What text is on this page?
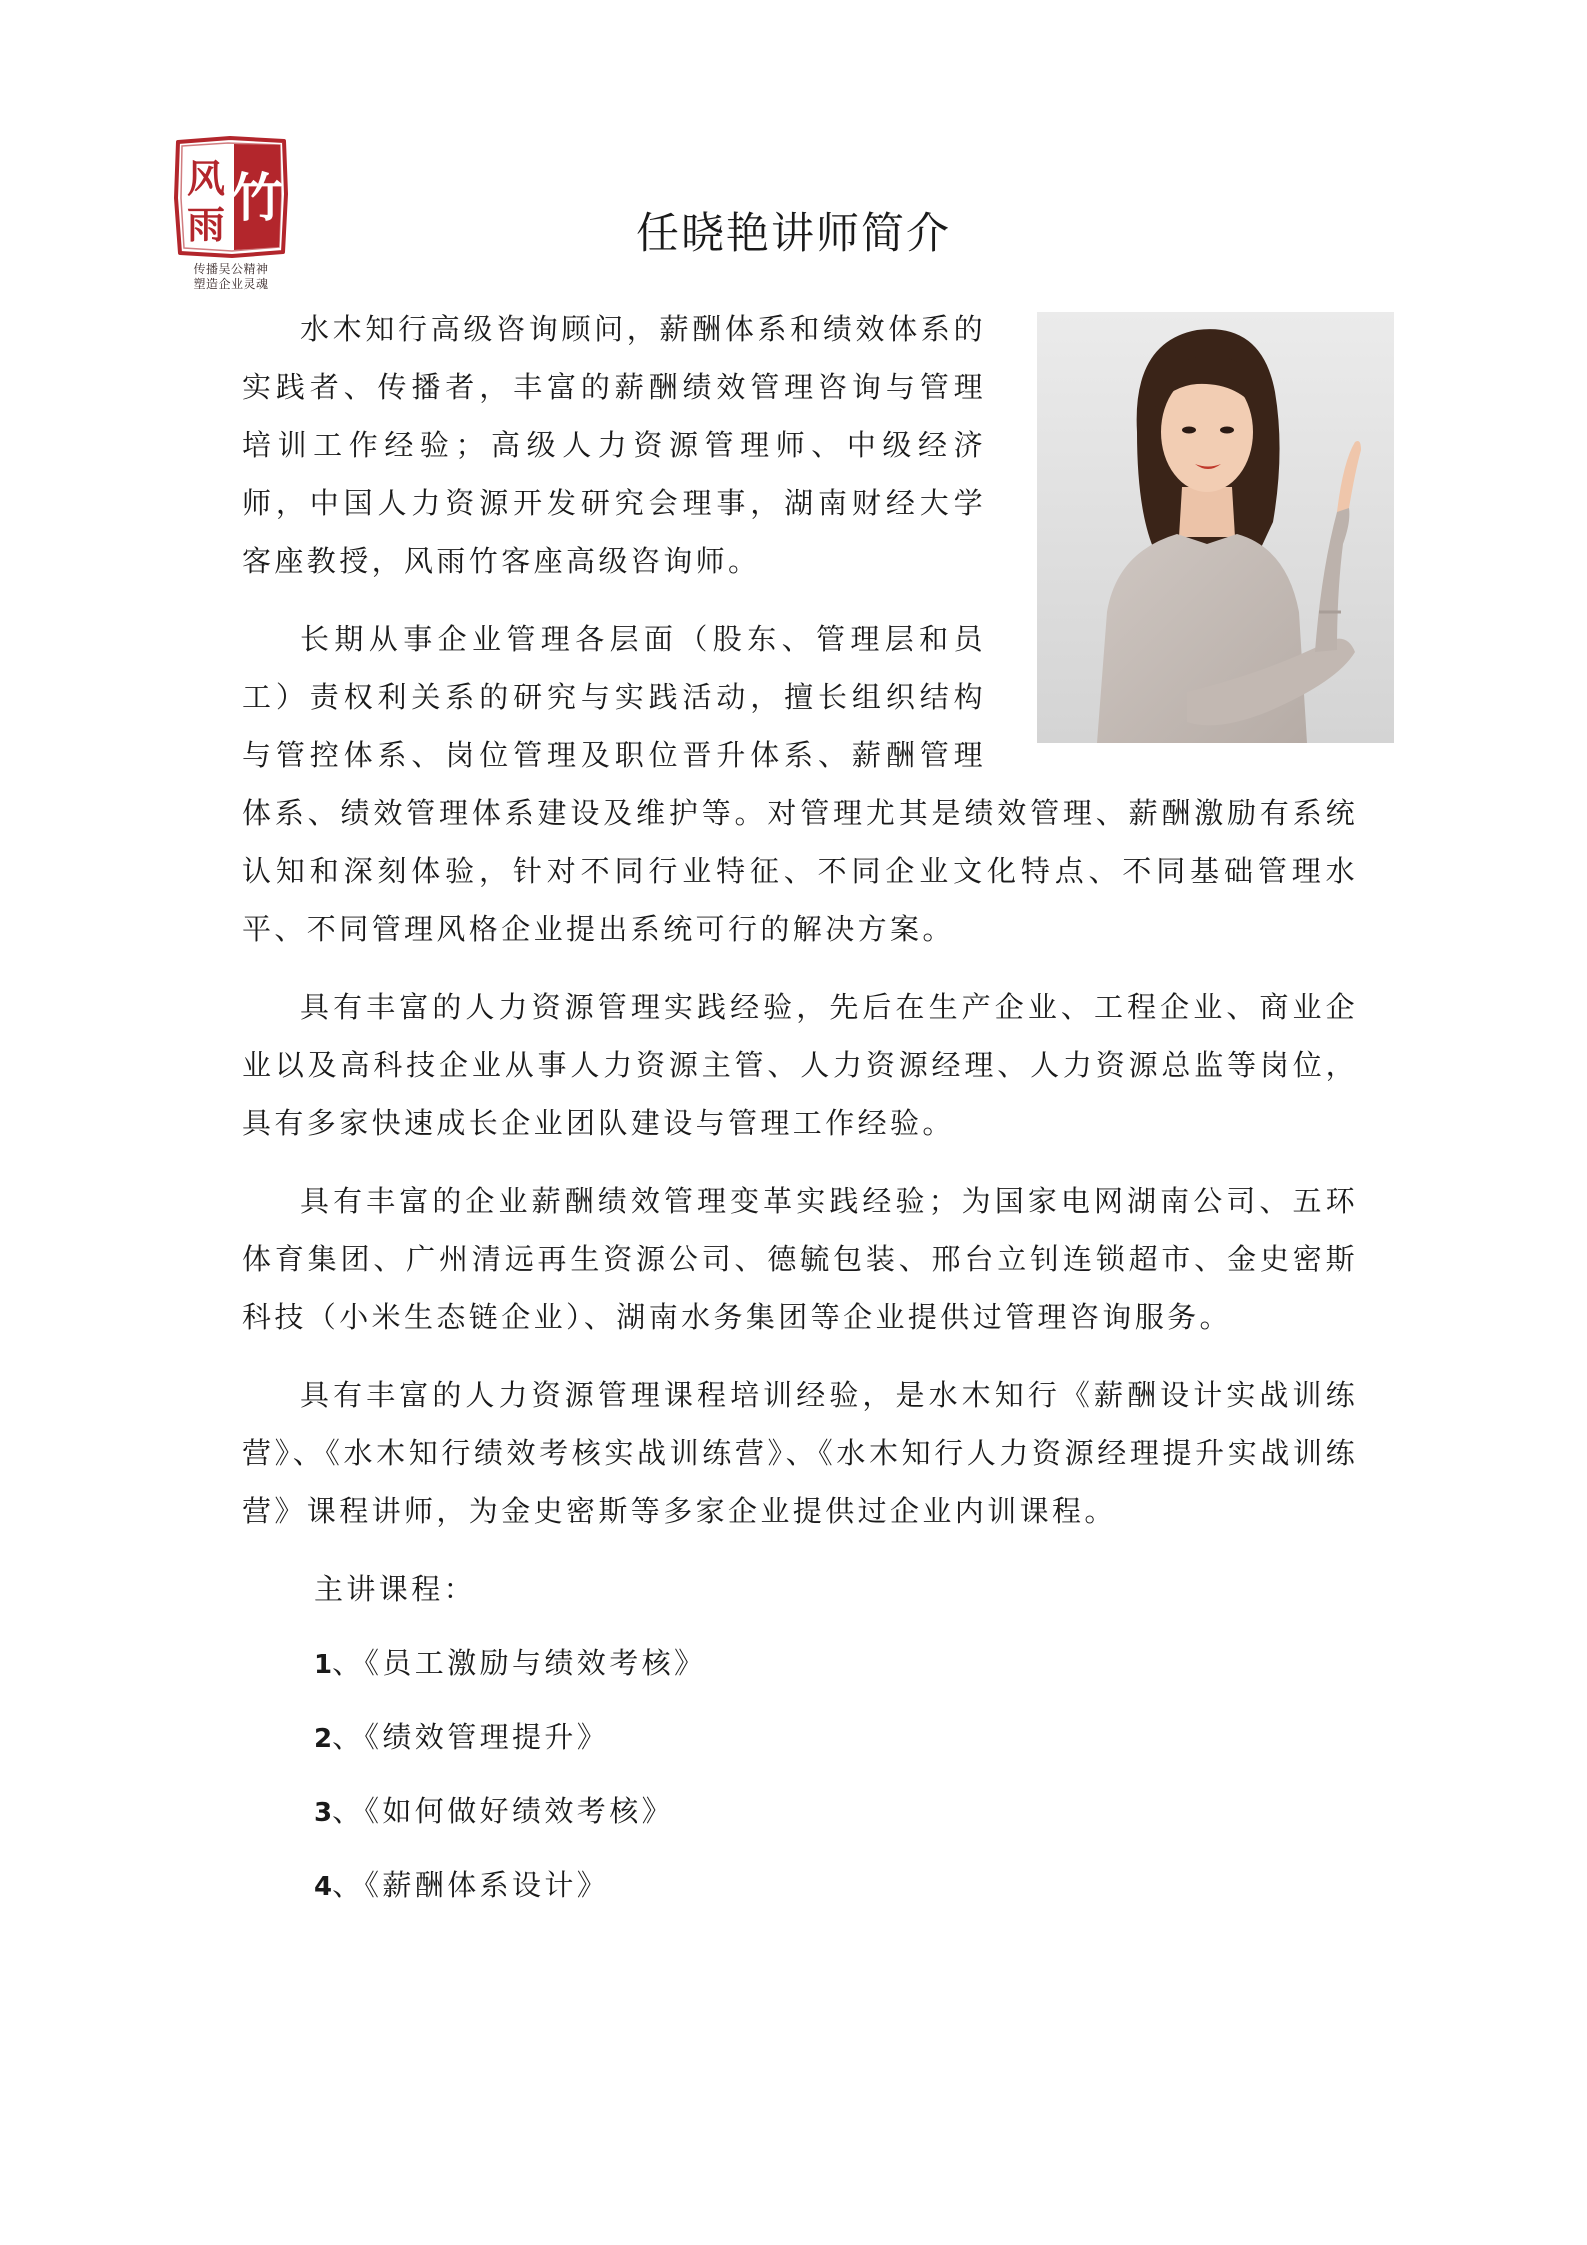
风
雨 竹
传播吴公精神
塑造企业灵魂
任晓艳讲师简介

水木知行高级咨询顾问，薪酬体系和绩效体系的实践者、传播者，丰富的薪酬绩效管理咨询与管理培训工作经验；高级人力资源管理师、中级经济师，中国人力资源开发研究会理事，湖南财经大学客座教授，风雨竹客座高级咨询师。

长期从事企业管理各层面（股东、管理层和员工）责权利关系的研究与实践活动，擅长组织结构与管控体系、岗位管理及职位晋升体系、薪酬管理体系、绩效管理体系建设及维护等。对管理尤其是绩效管理、薪酬激励有系统认知和深刻体验，针对不同行业特征、不同企业文化特点、不同基础管理水平、不同管理风格企业提出系统可行的解决方案。

具有丰富的人力资源管理实践经验，先后在生产企业、工程企业、商业企业以及高科技企业从事人力资源主管、人力资源经理、人力资源总监等岗位，具有多家快速成长企业团队建设与管理工作经验。

具有丰富的企业薪酬绩效管理变革实践经验；为国家电网湖南公司、五环体育集团、广州清远再生资源公司、德毓包装、邢台立钊连锁超市、金史密斯科技（小米生态链企业）、湖南水务集团等企业提供过管理咨询服务。

具有丰富的人力资源管理课程培训经验，是水木知行《薪酬设计实战训练营》、《水木知行绩效考核实战训练营》、《水木知行人力资源经理提升实战训练营》课程讲师，为金史密斯等多家企业提供过企业内训课程。

主讲课程：
1、《员工激励与绩效考核》
2、《绩效管理提升》
3、《如何做好绩效考核》
4、《薪酬体系设计》
